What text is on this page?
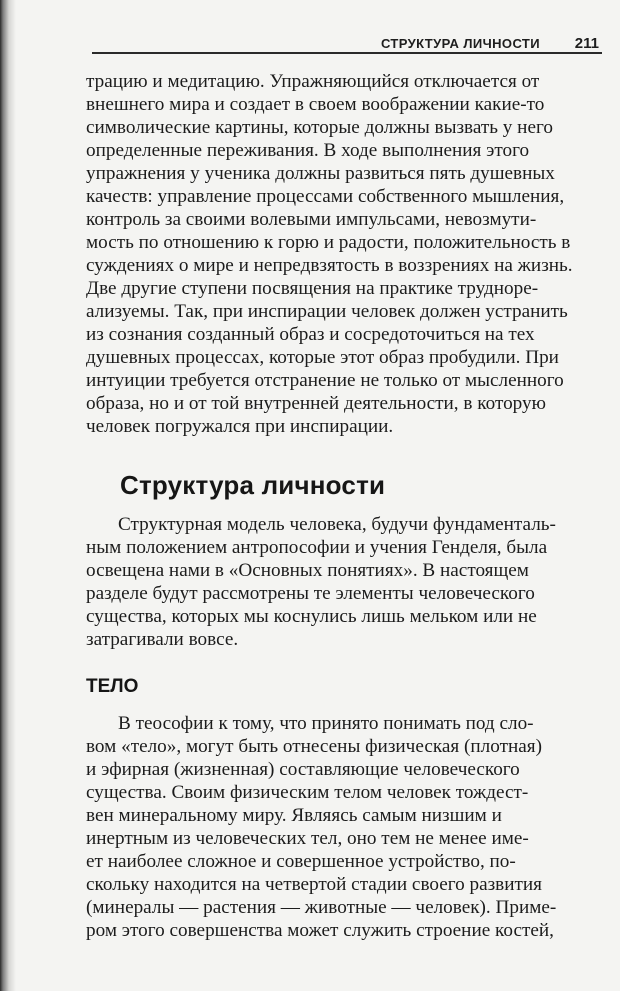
СТРУКТУРА ЛИЧНОСТИ 211

трацию и медитацию. Упражняющийся отключается от
внешнего мира и создает в своем воображении какие-то
символические картины, которые должны вызвать у него
определенные переживания. В ходе выполнения этого
упражнения у ученика должны развиться пять душевных
качеств: управление процессами собственного мышления,
контроль за своими волевыми импульсами, невозмути-
мость по отношению к горю и радости, положительность в
суждениях о мире и непредвзятость в воззрениях на жизнь.
Две другие ступени посвящения на практике трудноре-
ализуемы. Так, при инспирации человек должен устранить
из сознания созданный образ и сосредоточиться на тех
душевных процессах, которые этот образ пробудили. При
интуиции требуется отстранение не только от мысленного
образа, но и от той внутренней деятельности, в которую
человек погружался при инспирации.

Структура личности

Структурная модель человека, будучи фундаменталь-
ным положением антропософии и учения Генделя, была
освещена нами в «Основных понятиях». В настоящем
разделе будут рассмотрены те элементы человеческого
существа, которых мы коснулись лишь мельком или не
затрагивали вовсе.

ТЕЛО

В теософии к тому, что принято понимать под сло-
вом «тело», могут быть отнесены физическая (плотная)
и эфирная (жизненная) составляющие человеческого
существа. Своим физическим телом человек тождест-
вен минеральному миру. Являясь самым низшим и
инертным из человеческих тел, оно тем не менее име-
ет наиболее сложное и совершенное устройство, по-
скольку находится на четвертой стадии своего развития
(минералы — растения — животные — человек). Приме-
ром этого совершенства может служить строение костей,
